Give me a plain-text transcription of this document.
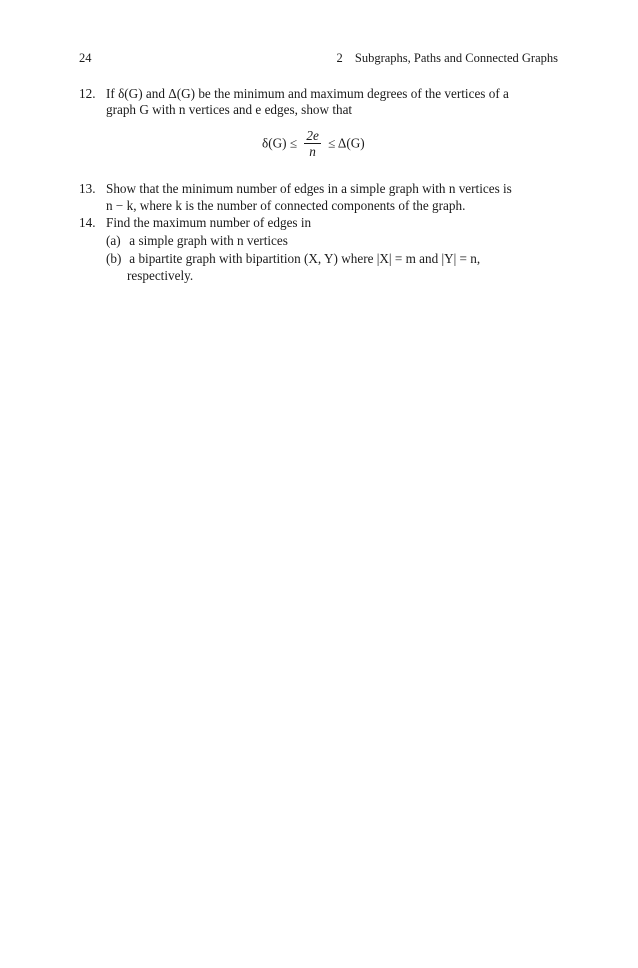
24	2 Subgraphs, Paths and Connected Graphs
12. If δ(G) and Δ(G) be the minimum and maximum degrees of the vertices of a
graph G with n vertices and e edges, show that
$\delta(G) \le \frac{2e}{n} \le \Delta(G)$
13. Show that the minimum number of edges in a simple graph with n vertices is
n − k, where k is the number of connected components of the graph.
14. Find the maximum number of edges in
(a) a simple graph with n vertices
(b) a bipartite graph with bipartition (X, Y) where |X| = m and |Y| = n,
respectively.
